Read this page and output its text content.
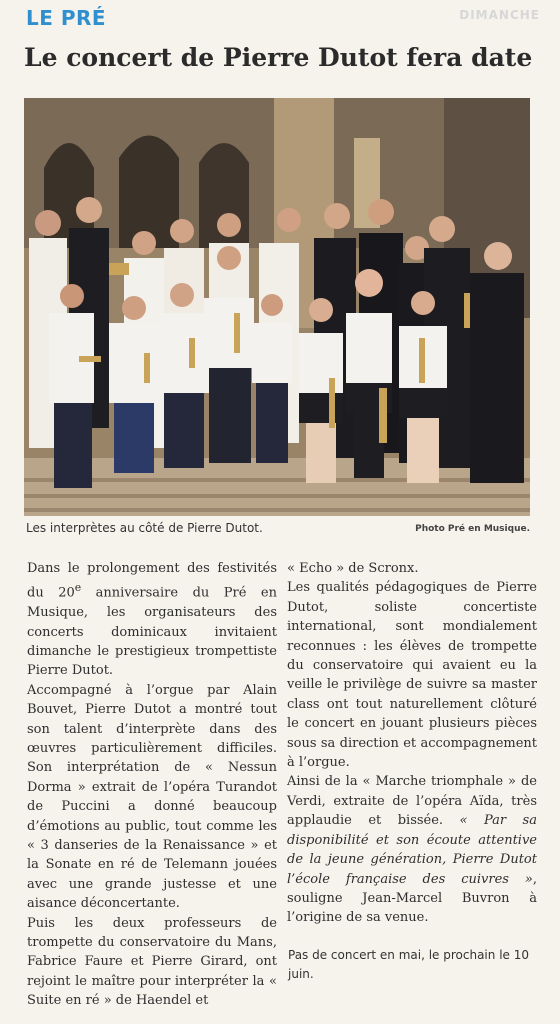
LE PRÉ	DIMANCHE
Le concert de Pierre Dutot fera date
Les interprètes au côté de Pierre Dutot.	Photo Pré en Musique.

Dans le prolongement des festivités du 20e anniversaire du Pré en Musique, les organisateurs des concerts dominicaux invitaient dimanche le prestigieux trompettiste Pierre Dutot.

Accompagné à l’orgue par Alain Bouvet, Pierre Dutot a montré tout son talent d’interprète dans des œuvres particulièrement difficiles. Son interprétation de « Nessun Dorma » extrait de l’opéra Turandot de Puccini a donné beaucoup d’émotions au public, tout comme les « 3 danseries de la Renaissance » et la Sonate en ré de Telemann jouées avec une grande justesse et une aisance déconcertante.

Puis les deux professeurs de trompette du conservatoire du Mans, Fabrice Faure et Pierre Girard, ont rejoint le maître pour interpréter la « Suite en ré » de Haendel et

« Echo » de Scronx.

Les qualités pédagogiques de Pierre Dutot, soliste concertiste international, sont mondialement reconnues : les élèves de trompette du conservatoire qui avaient eu la veille le privilège de suivre sa master class ont tout naturellement clôturé le concert en jouant plusieurs pièces sous sa direction et accompagnement à l’orgue.

Ainsi de la « Marche triomphale » de Verdi, extraite de l’opéra Aïda, très applaudie et bissée. « Par sa disponibilité et son écoute attentive de la jeune génération, Pierre Dutot l’école française des cuivres », souligne Jean-Marcel Buvron à l’origine de sa venue.

Pas de concert en mai, le prochain le 10 juin.
